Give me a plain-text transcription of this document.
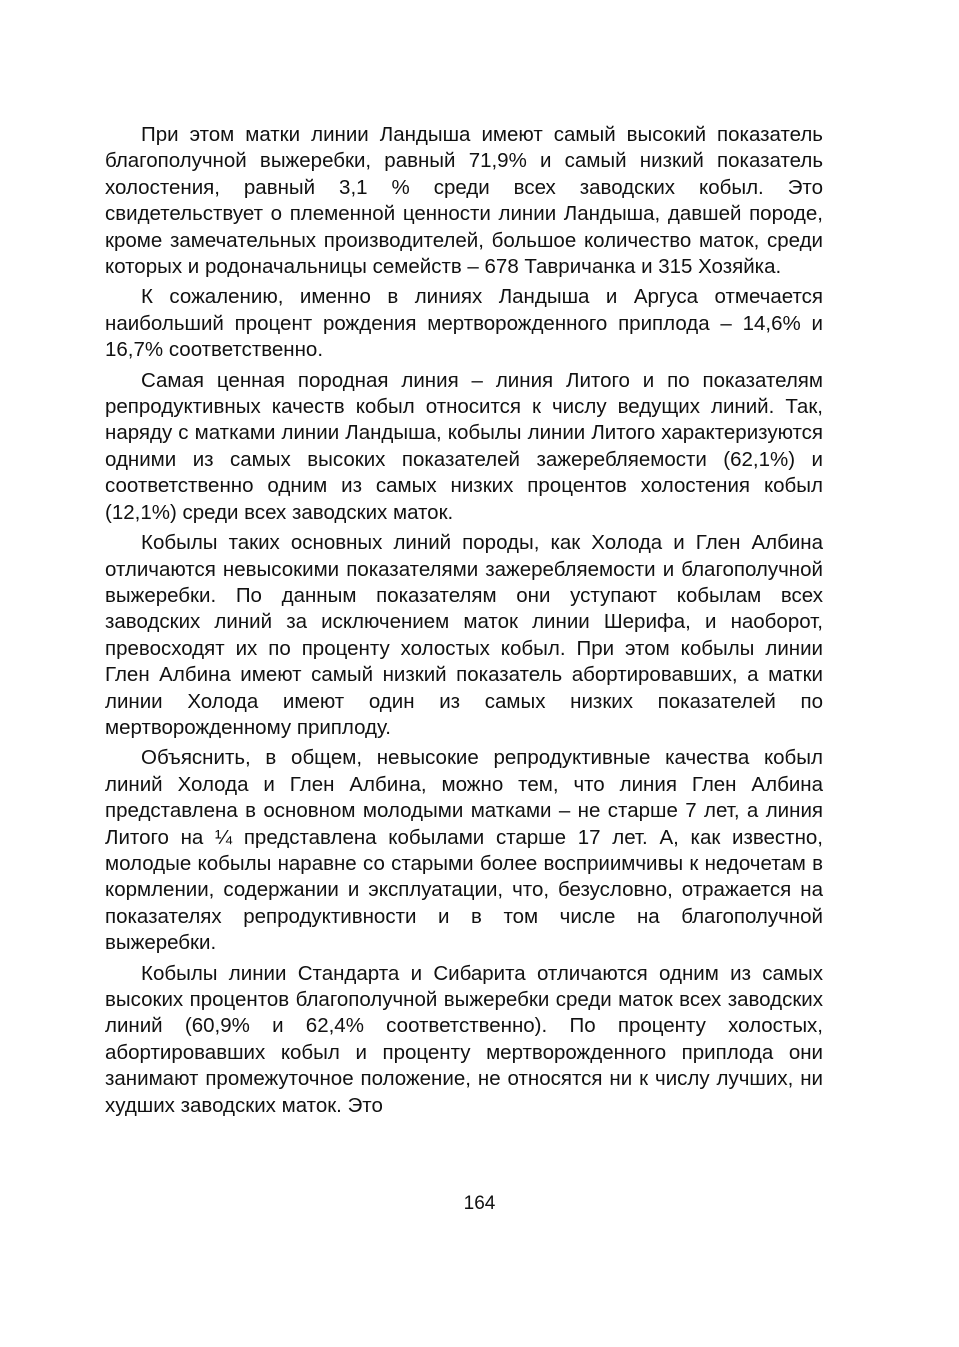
При этом матки линии Ландыша имеют самый высокий показатель благополучной выжеребки, равный 71,9% и самый низкий показатель холостения, равный 3,1 % среди всех заводских кобыл. Это свидетельствует о племенной ценности линии Ландыша, давшей породе, кроме замечательных производителей, большое количество маток, среди которых и родоначальницы семейств – 678 Тавричанка и 315 Хозяйка.

К сожалению, именно в линиях Ландыша и Аргуса отмечается наибольший процент рождения мертворожденного приплода – 14,6% и 16,7% соответственно.

Самая ценная породная линия – линия Литого и по показателям репродуктивных качеств кобыл относится к числу ведущих линий. Так, наряду с матками линии Ландыша, кобылы линии Литого характеризуются одними из самых высоких показателей зажеребляемости (62,1%) и соответственно одним из самых низких процентов холостения кобыл (12,1%) среди всех заводских маток.

Кобылы таких основных линий породы, как Холода и Глен Албина отличаются невысокими показателями зажеребляемости и благополучной выжеребки. По данным показателям они уступают кобылам всех заводских линий за исключением маток линии Шерифа, и наоборот, превосходят их по проценту холостых кобыл. При этом кобылы линии Глен Албина имеют самый низкий показатель абортировавших, а матки линии Холода имеют один из самых низких показателей по мертворожденному приплоду.

Объяснить, в общем, невысокие репродуктивные качества кобыл линий Холода и Глен Албина, можно тем, что линия Глен Албина представлена в основном молодыми матками – не старше 7 лет, а линия Литого на ¼ представлена кобылами старше 17 лет. А, как известно, молодые кобылы наравне со старыми более восприимчивы к недочетам в кормлении, содержании и эксплуатации, что, безусловно, отражается на показателях репродуктивности и в том числе на благополучной выжеребки.

Кобылы линии Стандарта и Сибарита отличаются одним из самых высоких процентов благополучной выжеребки среди маток всех заводских линий (60,9% и 62,4% соответственно). По проценту холостых, абортировавших кобыл и проценту мертворожденного приплода они занимают промежуточное положение, не относятся ни к числу лучших, ни худших заводских маток. Это

164
